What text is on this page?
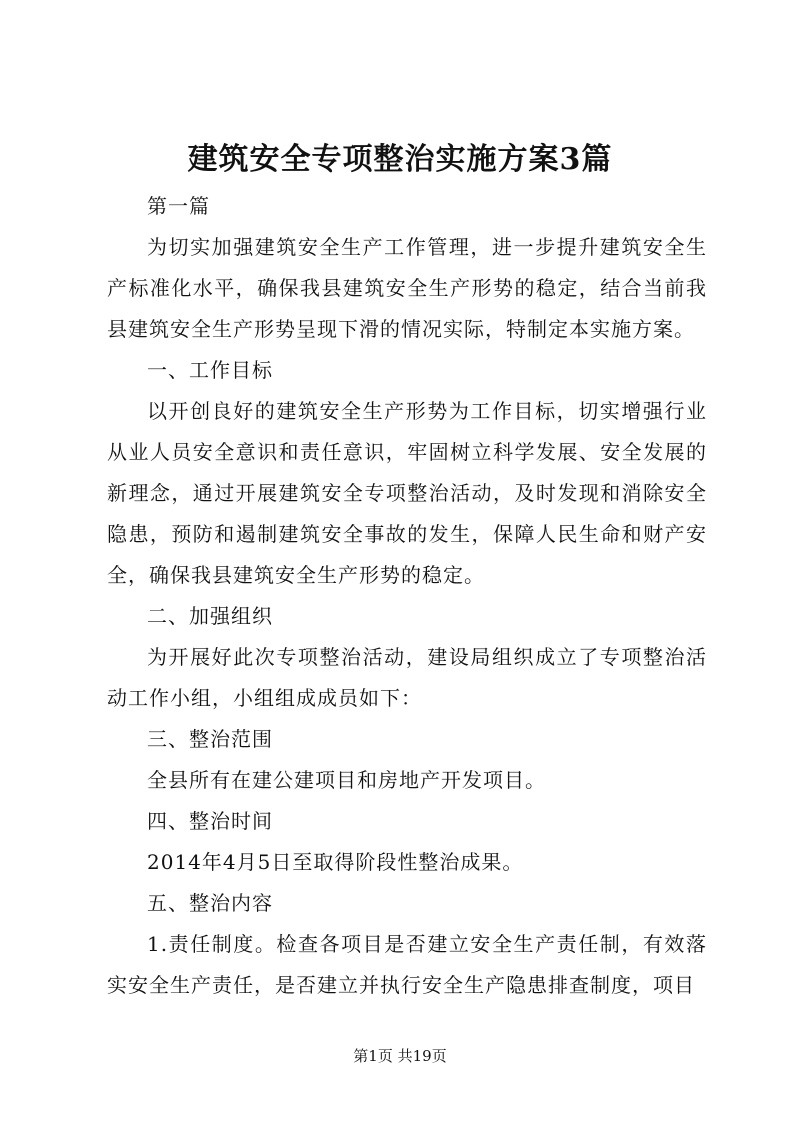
建筑安全专项整治实施方案3篇

第一篇

为切实加强建筑安全生产工作管理，进一步提升建筑安全生产标准化水平，确保我县建筑安全生产形势的稳定，结合当前我县建筑安全生产形势呈现下滑的情况实际，特制定本实施方案。

一、工作目标

以开创良好的建筑安全生产形势为工作目标，切实增强行业从业人员安全意识和责任意识，牢固树立科学发展、安全发展的新理念，通过开展建筑安全专项整治活动，及时发现和消除安全隐患，预防和遏制建筑安全事故的发生，保障人民生命和财产安全，确保我县建筑安全生产形势的稳定。

二、加强组织

为开展好此次专项整治活动，建设局组织成立了专项整治活动工作小组，小组组成成员如下：

三、整治范围

全县所有在建公建项目和房地产开发项目。

四、整治时间

2014年4月5日至取得阶段性整治成果。

五、整治内容

1.责任制度。检查各项目是否建立安全生产责任制，有效落实安全生产责任，是否建立并执行安全生产隐患排查制度，项目

第1页 共19页
